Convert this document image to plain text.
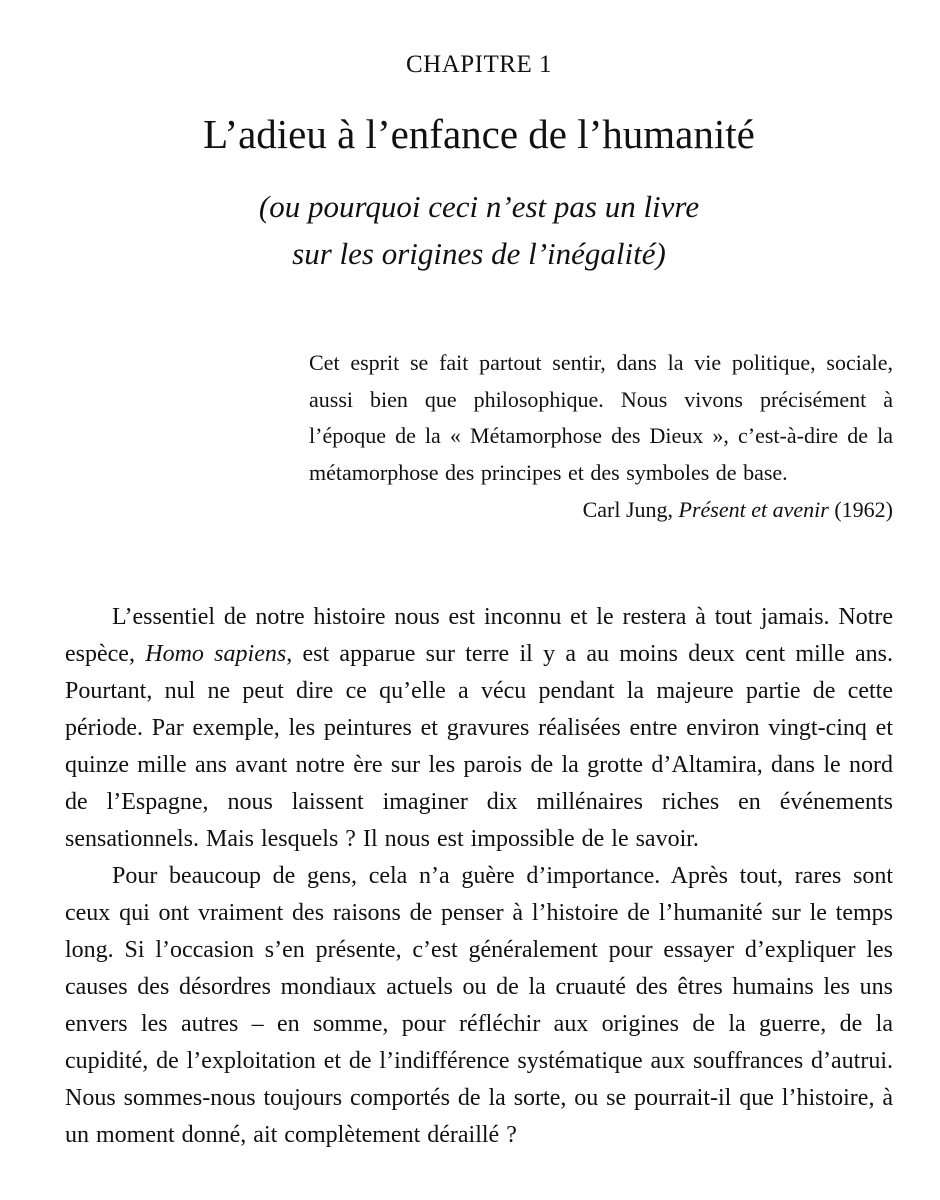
CHAPITRE 1
L’adieu à l’enfance de l’humanité
(ou pourquoi ceci n’est pas un livre
sur les origines de l’inégalité)

Cet esprit se fait partout sentir, dans la vie politique, sociale, aussi bien que philosophique. Nous vivons précisément à l’époque de la « Métamorphose des Dieux », c’est-à-dire de la métamorphose des principes et des symboles de base.

Carl Jung, Présent et avenir (1962)

L’essentiel de notre histoire nous est inconnu et le restera à tout jamais. Notre espèce, Homo sapiens, est apparue sur terre il y a au moins deux cent mille ans. Pourtant, nul ne peut dire ce qu’elle a vécu pendant la majeure partie de cette période. Par exemple, les peintures et gravures réalisées entre environ vingt-cinq et quinze mille ans avant notre ère sur les parois de la grotte d’Altamira, dans le nord de l’Espagne, nous laissent imaginer dix millénaires riches en événements sensationnels. Mais lesquels ? Il nous est impossible de le savoir.

Pour beaucoup de gens, cela n’a guère d’importance. Après tout, rares sont ceux qui ont vraiment des raisons de penser à l’histoire de l’humanité sur le temps long. Si l’occasion s’en présente, c’est généralement pour essayer d’expliquer les causes des désordres mondiaux actuels ou de la cruauté des êtres humains les uns envers les autres – en somme, pour réfléchir aux origines de la guerre, de la cupidité, de l’exploitation et de l’indifférence systématique aux souffrances d’autrui. Nous sommes-nous toujours comportés de la sorte, ou se pourrait-il que l’histoire, à un moment donné, ait complètement déraillé ?
